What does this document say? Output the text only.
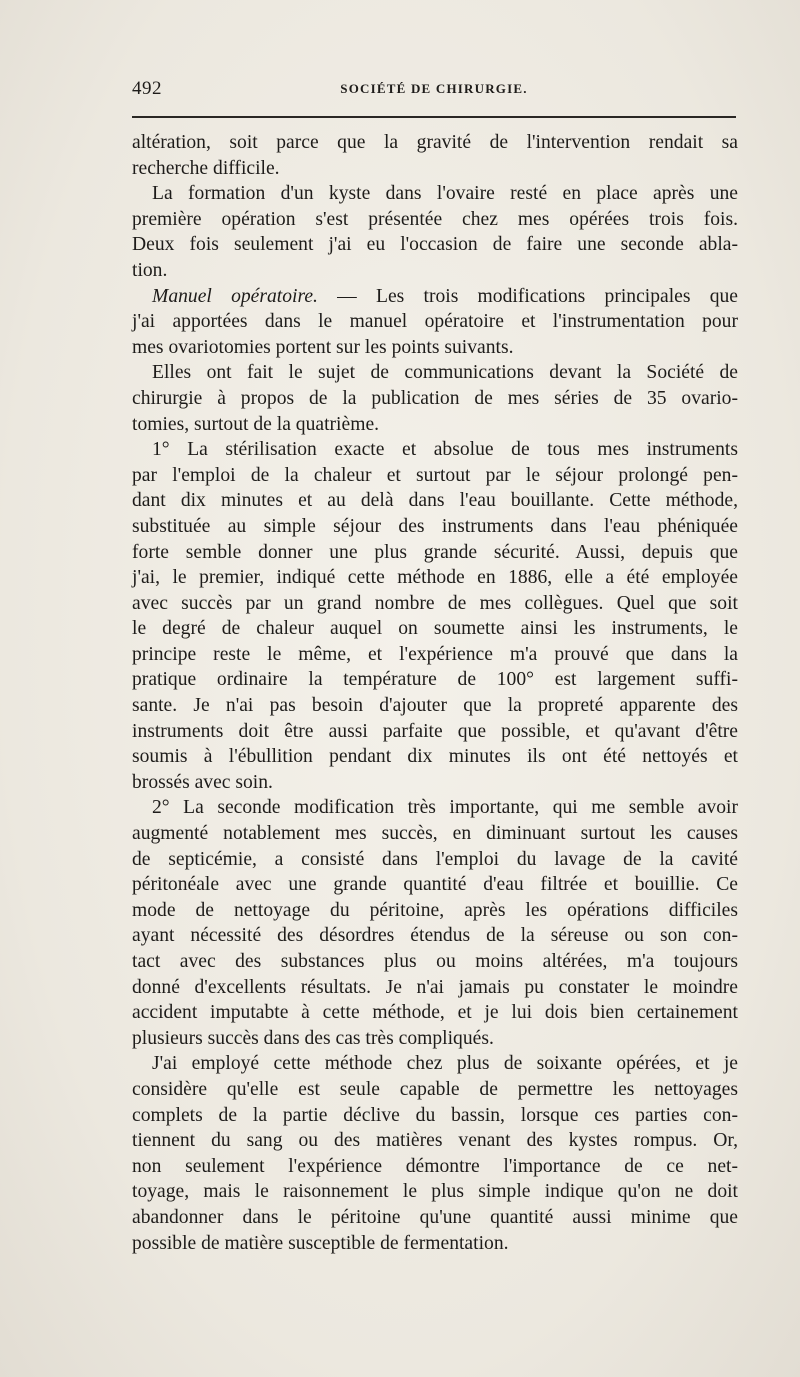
492	SOCIÉTÉ DE CHIRURGIE.
altération, soit parce que la gravité de l'intervention rendait sa
recherche difficile.
La formation d'un kyste dans l'ovaire resté en place après une
première opération s'est présentée chez mes opérées trois fois.
Deux fois seulement j'ai eu l'occasion de faire une seconde abla-
tion.
Manuel opératoire. — Les trois modifications principales que
j'ai apportées dans le manuel opératoire et l'instrumentation pour
mes ovariotomies portent sur les points suivants.
Elles ont fait le sujet de communications devant la Société de
chirurgie à propos de la publication de mes séries de 35 ovario-
tomies, surtout de la quatrième.
1° La stérilisation exacte et absolue de tous mes instruments
par l'emploi de la chaleur et surtout par le séjour prolongé pen-
dant dix minutes et au delà dans l'eau bouillante. Cette méthode,
substituée au simple séjour des instruments dans l'eau phéniquée
forte semble donner une plus grande sécurité. Aussi, depuis que
j'ai, le premier, indiqué cette méthode en 1886, elle a été employée
avec succès par un grand nombre de mes collègues. Quel que soit
le degré de chaleur auquel on soumette ainsi les instruments, le
principe reste le même, et l'expérience m'a prouvé que dans la
pratique ordinaire la température de 100° est largement suffi-
sante. Je n'ai pas besoin d'ajouter que la propreté apparente des
instruments doit être aussi parfaite que possible, et qu'avant d'être
soumis à l'ébullition pendant dix minutes ils ont été nettoyés et
brossés avec soin.
2° La seconde modification très importante, qui me semble avoir
augmenté notablement mes succès, en diminuant surtout les causes
de septicémie, a consisté dans l'emploi du lavage de la cavité
péritonéale avec une grande quantité d'eau filtrée et bouillie. Ce
mode de nettoyage du péritoine, après les opérations difficiles
ayant nécessité des désordres étendus de la séreuse ou son con-
tact avec des substances plus ou moins altérées, m'a toujours
donné d'excellents résultats. Je n'ai jamais pu constater le moindre
accident imputabte à cette méthode, et je lui dois bien certainement
plusieurs succès dans des cas très compliqués.
J'ai employé cette méthode chez plus de soixante opérées, et je
considère qu'elle est seule capable de permettre les nettoyages
complets de la partie déclive du bassin, lorsque ces parties con-
tiennent du sang ou des matières venant des kystes rompus. Or,
non seulement l'expérience démontre l'importance de ce net-
toyage, mais le raisonnement le plus simple indique qu'on ne doit
abandonner dans le péritoine qu'une quantité aussi minime que
possible de matière susceptible de fermentation.
